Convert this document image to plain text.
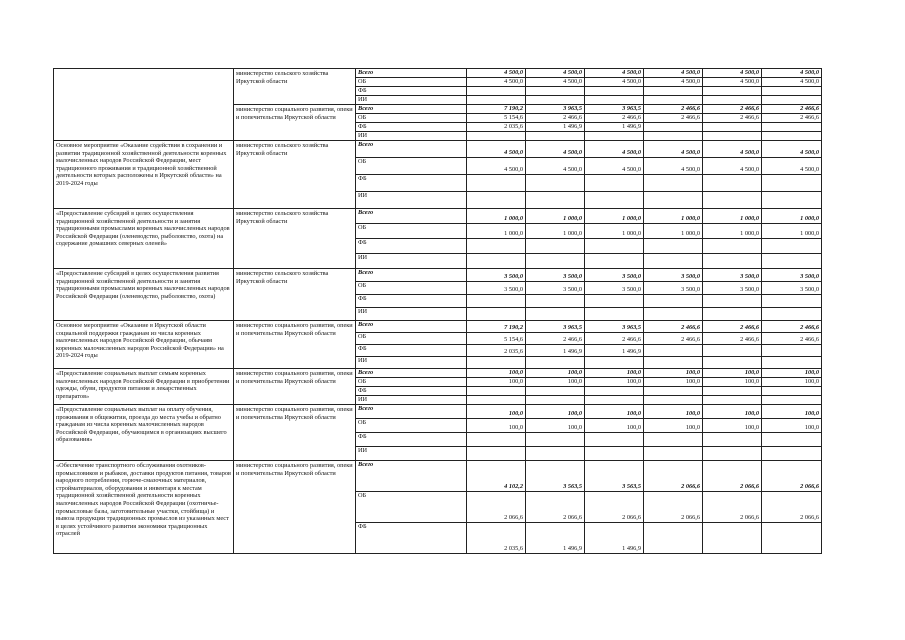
	министерство сельского хозяйства Иркутской области	Всего	4 500,0	4 500,0	4 500,0	4 500,0	4 500,0	4 500,0
		ОБ	4 500,0	4 500,0	4 500,0	4 500,0	4 500,0	4 500,0
		ФБ						
		ИИ						
	министерство социального развития, опеки и попечительства Иркутской области	Всего	7 190,2	3 963,5	3 963,5	2 466,6	2 466,6	2 466,6
		ОБ	5 154,6	2 466,6	2 466,6	2 466,6	2 466,6	2 466,6
		ФБ	2 035,6	1 496,9	1 496,9			
		ИИ						
Основное мероприятие «Оказание содействия в сохранении и развитии традиционной хозяйственной деятельности коренных малочисленных народов Российской Федерации, мест традиционного проживания и традиционной хозяйственной деятельности которых расположены в Иркутской области» на 2019-2024 годы	министерство сельского хозяйства Иркутской области	Всего	4 500,0	4 500,0	4 500,0	4 500,0	4 500,0	4 500,0
		ОБ	4 500,0	4 500,0	4 500,0	4 500,0	4 500,0	4 500,0
		ФБ						
		ИИ						
«Предоставление субсидий в целях осуществления традиционной хозяйственной деятельности и занятия традиционными промыслами коренных малочисленных народов Российской Федерации (оленеводство, рыболовство, охота) на содержание домашних северных оленей»	министерство сельского хозяйства Иркутской области	Всего	1 000,0	1 000,0	1 000,0	1 000,0	1 000,0	1 000,0
		ОБ	1 000,0	1 000,0	1 000,0	1 000,0	1 000,0	1 000,0
		ФБ						
		ИИ						
«Предоставление субсидий в целях осуществления развития традиционной хозяйственной деятельности и занятия традиционными промыслами коренных малочисленных народов Российской Федерации (оленеводство, рыболовство, охота)	министерство сельского хозяйства Иркутской области	Всего	3 500,0	3 500,0	3 500,0	3 500,0	3 500,0	3 500,0
		ОБ	3 500,0	3 500,0	3 500,0	3 500,0	3 500,0	3 500,0
		ФБ						
		ИИ						
Основное мероприятие «Оказание в Иркутской области социальной поддержки гражданам из числа коренных малочисленных народов Российской Федерации, обычаям коренных малочисленных народов Российской Федерации» на 2019-2024 годы	министерство социального развития, опеки и попечительства Иркутской области	Всего	7 190,2	3 963,5	3 963,5	2 466,6	2 466,6	2 466,6
		ОБ	5 154,6	2 466,6	2 466,6	2 466,6	2 466,6	2 466,6
		ФБ	2 035,6	1 496,9	1 496,9			
		ИИ						
«Предоставление социальных выплат семьям коренных малочисленных народов Российской Федерации в приобретении одежды, обуви, продуктов питания и лекарственных препаратов»	министерство социального развития, опеки и попечительства Иркутской области	Всего	100,0	100,0	100,0	100,0	100,0	100,0
		ОБ	100,0	100,0	100,0	100,0	100,0	100,0
		ФБ						
		ИИ						
«Предоставление социальных выплат на оплату обучения, проживания в общежитии, проезда до места учебы и обратно гражданам из числа коренных малочисленных народов Российской Федерации, обучающимся в организациях высшего образования»	министерство социального развития, опеки и попечительства Иркутской области	Всего	100,0	100,0	100,0	100,0	100,0	100,0
		ОБ	100,0	100,0	100,0	100,0	100,0	100,0
		ФБ						
		ИИ						
«Обеспечение транспортного обслуживания охотников-промысловиков и рыбаков, доставки продуктов питания, товаров народного потребления, горюче-смазочных материалов, стройматериалов, оборудования и инвентаря к местам традиционной хозяйственной деятельности коренных малочисленных народов Российской Федерации (охотничье-промысловые базы, заготовительные участки, стойбища) и вывоза продукции традиционных промыслов из указанных мест в целях устойчивого развития экономики традиционных отраслей	министерство социального развития, опеки и попечительства Иркутской области	Всего	4 102,2	3 563,5	3 563,5	2 066,6	2 066,6	2 066,6
		ОБ	2 066,6	2 066,6	2 066,6	2 066,6	2 066,6	2 066,6
		ФБ	2 035,6	1 496,9	1 496,9			
